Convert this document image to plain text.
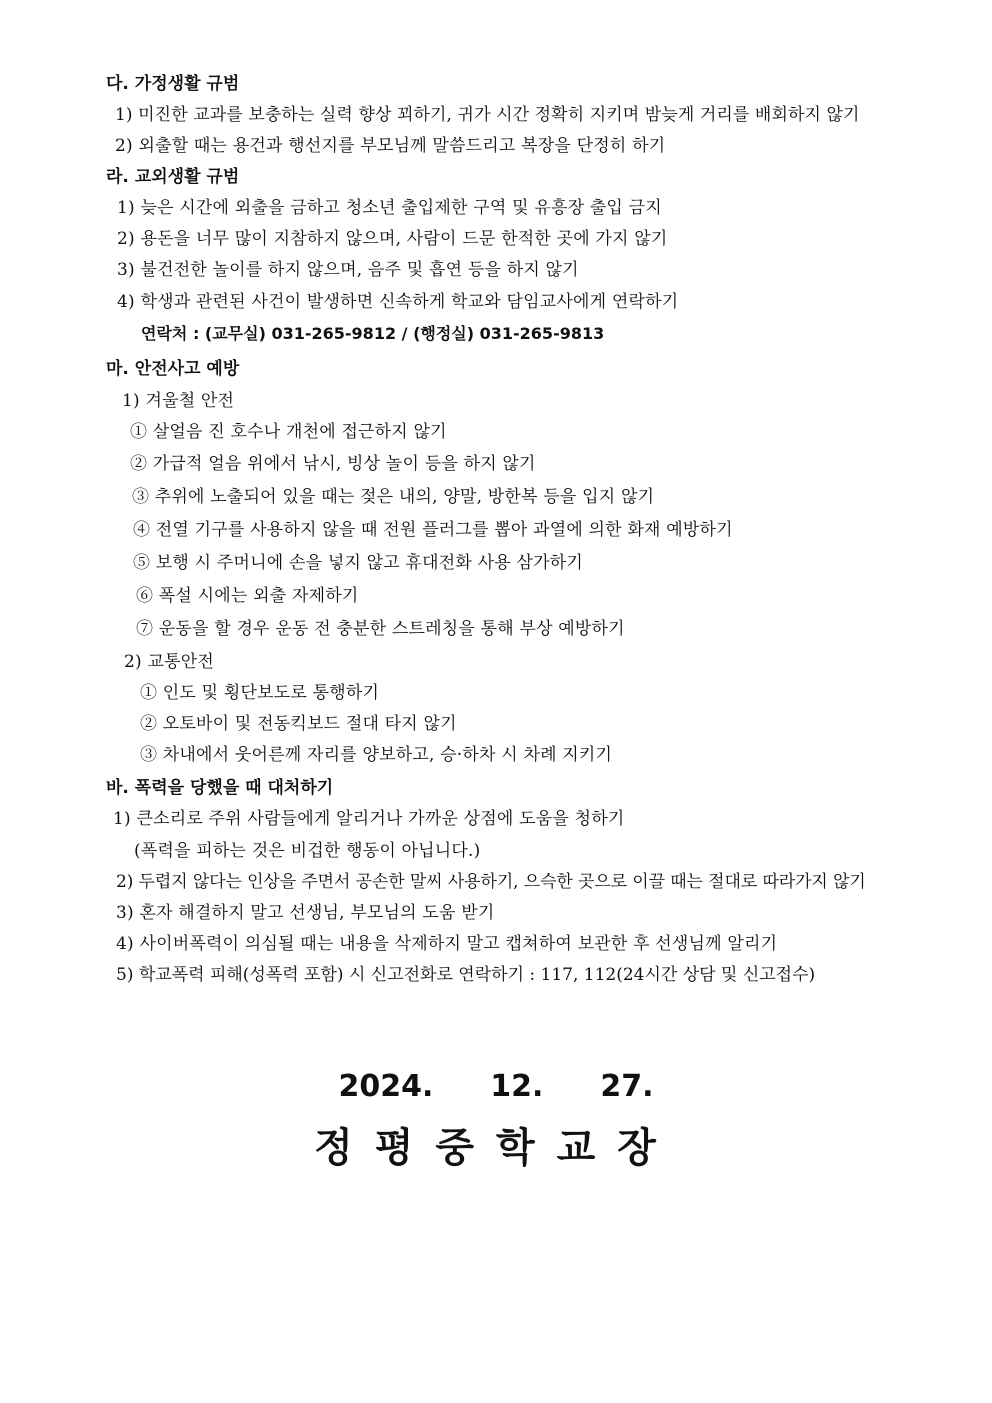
다. 가정생활 규범
1) 미진한 교과를 보충하는 실력 향상 꾀하기, 귀가 시간 정확히 지키며 밤늦게 거리를 배회하지 않기
2) 외출할 때는 용건과 행선지를 부모님께 말씀드리고 복장을 단정히 하기
라. 교외생활 규범
1) 늦은 시간에 외출을 금하고 청소년 출입제한 구역 및 유흥장 출입 금지
2) 용돈을 너무 많이 지참하지 않으며, 사람이 드문 한적한 곳에 가지 않기
3) 불건전한 놀이를 하지 않으며, 음주 및 흡연 등을 하지 않기
4) 학생과 관련된 사건이 발생하면 신속하게 학교와 담임교사에게 연락하기
연락처 : (교무실) 031-265-9812 / (행정실) 031-265-9813
마. 안전사고 예방
1) 겨울철 안전
① 살얼음 진 호수나 개천에 접근하지 않기
② 가급적 얼음 위에서 낚시, 빙상 놀이 등을 하지 않기
③ 추위에 노출되어 있을 때는 젖은 내의, 양말, 방한복 등을 입지 않기
④ 전열 기구를 사용하지 않을 때 전원 플러그를 뽑아 과열에 의한 화재 예방하기
⑤ 보행 시 주머니에 손을 넣지 않고 휴대전화 사용 삼가하기
⑥ 폭설 시에는 외출 자제하기
⑦ 운동을 할 경우 운동 전 충분한 스트레칭을 통해 부상 예방하기
2) 교통안전
① 인도 및 횡단보도로 통행하기
② 오토바이 및 전동킥보드 절대 타지 않기
③ 차내에서 웃어른께 자리를 양보하고, 승·하차 시 차례 지키기
바. 폭력을 당했을 때 대처하기
1) 큰소리로 주위 사람들에게 알리거나 가까운 상점에 도움을 청하기
(폭력을 피하는 것은 비겁한 행동이 아닙니다.)
2) 두렵지 않다는 인상을 주면서 공손한 말씨 사용하기, 으슥한 곳으로 이끌 때는 절대로 따라가지 않기
3) 혼자 해결하지 말고 선생님, 부모님의 도움 받기
4) 사이버폭력이 의심될 때는 내용을 삭제하지 말고 캡쳐하여 보관한 후 선생님께 알리기
5) 학교폭력 피해(성폭력 포함) 시 신고전화로 연락하기 : 117, 112(24시간 상담 및 신고접수)
2024.  12.  27.
정평중학교장
